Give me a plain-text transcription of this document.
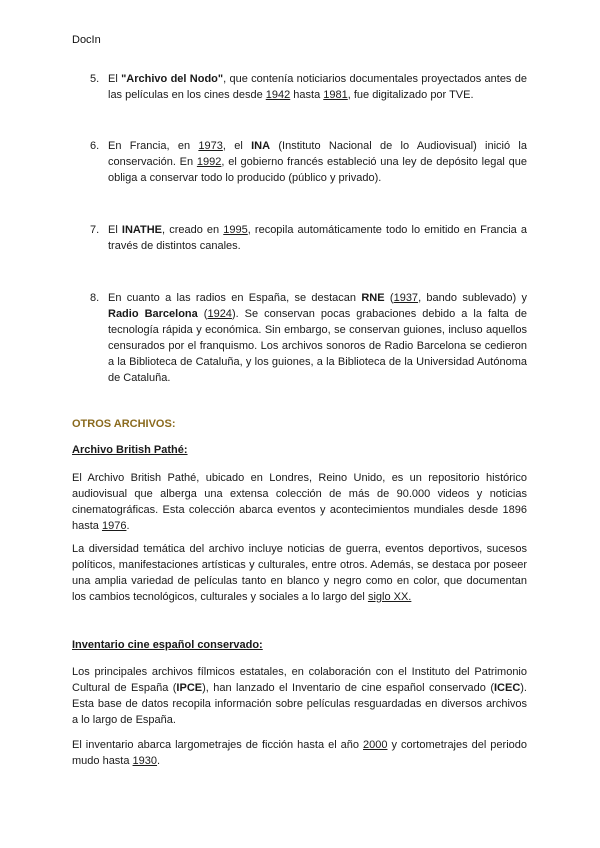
DocIn
5. El "Archivo del Nodo", que contenía noticiarios documentales proyectados antes de las películas en los cines desde 1942 hasta 1981, fue digitalizado por TVE.
6. En Francia, en 1973, el INA (Instituto Nacional de lo Audiovisual) inició la conservación. En 1992, el gobierno francés estableció una ley de depósito legal que obliga a conservar todo lo producido (público y privado).
7. El INATHE, creado en 1995, recopila automáticamente todo lo emitido en Francia a través de distintos canales.
8. En cuanto a las radios en España, se destacan RNE (1937, bando sublevado) y Radio Barcelona (1924). Se conservan pocas grabaciones debido a la falta de tecnología rápida y económica. Sin embargo, se conservan guiones, incluso aquellos censurados por el franquismo. Los archivos sonoros de Radio Barcelona se cedieron a la Biblioteca de Cataluña, y los guiones, a la Biblioteca de la Universidad Autónoma de Cataluña.
OTROS ARCHIVOS:
Archivo British Pathé:
El Archivo British Pathé, ubicado en Londres, Reino Unido, es un repositorio histórico audiovisual que alberga una extensa colección de más de 90.000 videos y noticias cinematográficas. Esta colección abarca eventos y acontecimientos mundiales desde 1896 hasta 1976.
La diversidad temática del archivo incluye noticias de guerra, eventos deportivos, sucesos políticos, manifestaciones artísticas y culturales, entre otros. Además, se destaca por poseer una amplia variedad de películas tanto en blanco y negro como en color, que documentan los cambios tecnológicos, culturales y sociales a lo largo del siglo XX.
Inventario cine español conservado:
Los principales archivos fílmicos estatales, en colaboración con el Instituto del Patrimonio Cultural de España (IPCE), han lanzado el Inventario de cine español conservado (ICEC). Esta base de datos recopila información sobre películas resguardadas en diversos archivos a lo largo de España.
El inventario abarca largometrajes de ficción hasta el año 2000 y cortometrajes del periodo mudo hasta 1930.
